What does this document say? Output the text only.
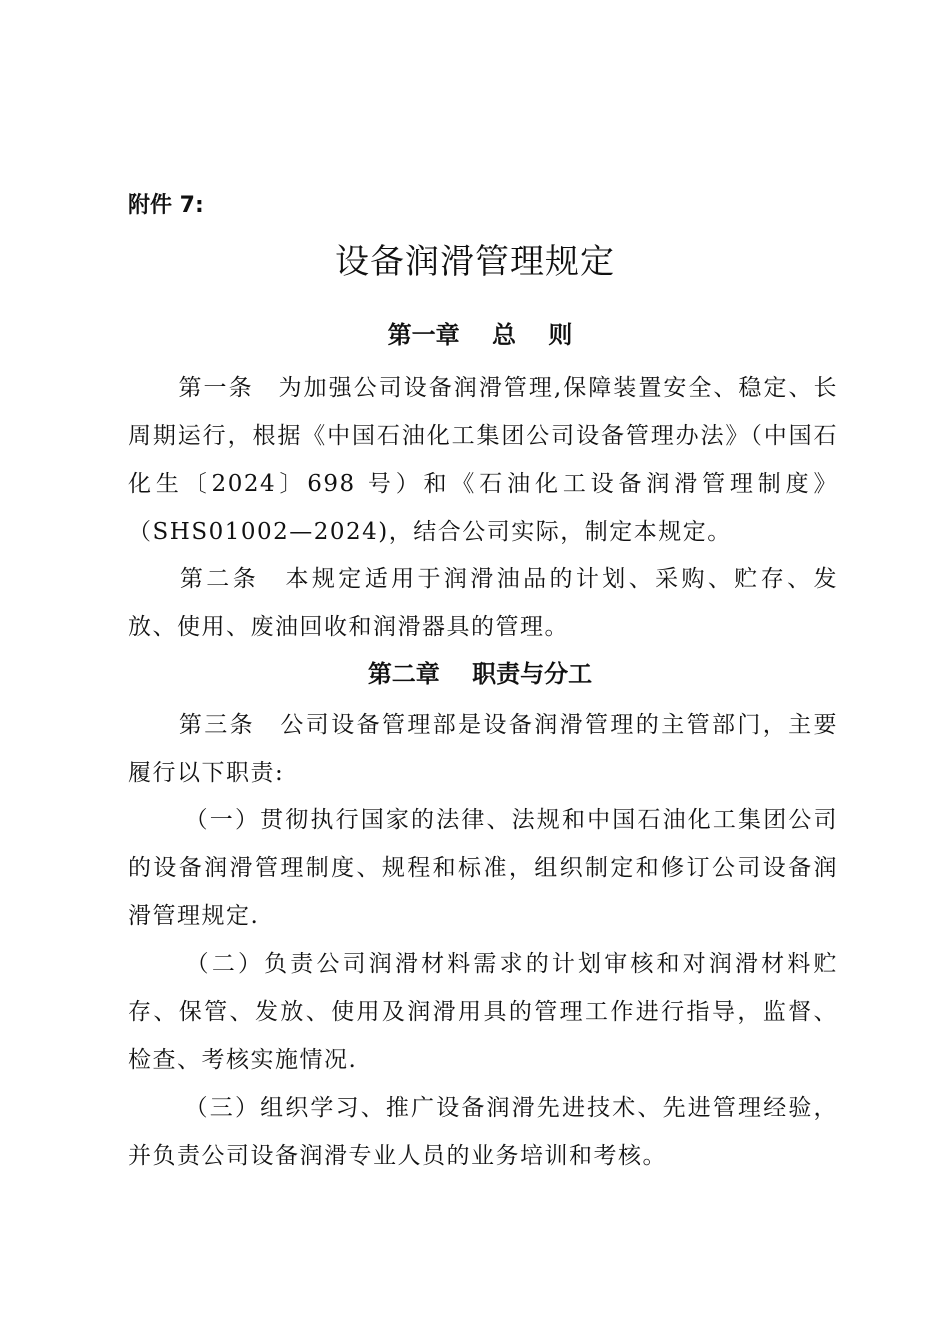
附件 7:
设备润滑管理规定
第一章　 总　 则
第一条　为加强公司设备润滑管理,保障装置安全、稳定、长周期运行，根据《中国石油化工集团公司设备管理办法》（中国石化生〔2024〕698 号）和《石油化工设备润滑管理制度》（SHS01002—2024)，结合公司实际，制定本规定。
第二条　本规定适用于润滑油品的计划、采购、贮存、发放、使用、废油回收和润滑器具的管理。
第二章　 职责与分工
第三条　公司设备管理部是设备润滑管理的主管部门，主要履行以下职责:
（一）贯彻执行国家的法律、法规和中国石油化工集团公司的设备润滑管理制度、规程和标准，组织制定和修订公司设备润滑管理规定.
（二）负责公司润滑材料需求的计划审核和对润滑材料贮存、保管、发放、使用及润滑用具的管理工作进行指导，监督、检查、考核实施情况.
（三）组织学习、推广设备润滑先进技术、先进管理经验，并负责公司设备润滑专业人员的业务培训和考核。
